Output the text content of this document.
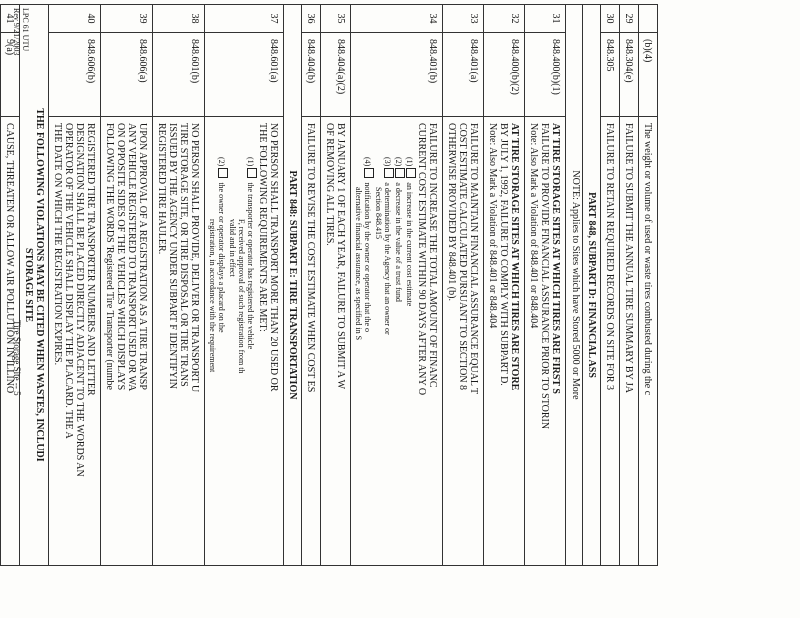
(b)(4)
The weight or volume of used or waste tires combusted during the c
29
848.304(e)
FAILURE TO SUBMIT THE ANNUAL TIRE SUMMARY BY JA
30
848.305
FAILURE TO RETAIN REQUIRED RECORDS ON SITE FOR 3
PART 848, SUBPART D: FINANCIAL ASS
NOTE: Applies to Sites which have Stored 5000 or More
31
848.400(b)(1)
AT TIRE STORAGE SITES AT WHICH TIRES ARE FIRST S
FAILURE TO PROVIDE FINANCIAL ASSURANCE PRIOR TO STORIN
Note: Also Mark a Violation of 848.401 or 848.404
32
848.400(b)(2)
AT TIRE STORAGE SITES AT WHICH TIRES ARE STORE
BY JULY 1, 1992, FAILURE TO COMPLY WITH SUBPART D.
Note: Also Mark a Violation of 848.401 or 848.404
33
848.401(a)
FAILURE TO MAINTAIN FINANCIAL ASSURANCE EQUAL T
COST ESTIMATE CALCULATED PURSUANT TO SECTION 8
OTHERWISE PROVIDED BY 848.401 (b).
34
848.401(b)
FAILURE TO INCREASE THE TOTAL AMOUNT OF FINANC
CURRENT COST ESTIMATE WITHIN 90 DAYS AFTER ANY O
(1) an increase in the current cost estimate
(2) a decrease in the value of a trust fund
(3) a determination by the Agency that an owner or
Section 848.415
(4) notification by the owner or operator that the o
alternative financial assurance, as specified in S
35
848.404(a)(2)
BY JANUARY 1 OF EACH YEAR, FAILURE TO SUBMIT A W
OF REMOVING ALL TIRES.
36
848.404(b)
FAILURE TO REVISE THE COST ESTIMATE WHEN COST ES
PART 848: SUBPART E: TIRE TRANSPORTATION
37
848.601(a)
NO PERSON SHALL TRANSPORT MORE THAN 20 USED OR
THE FOLLOWING REQUIREMENTS ARE MET:
(1) the transporter or operator has registered the vehicle
F, received approval of such registration from th
valid and in effect
(2) the owner or operator displays a placard on the
registration, in accordance with the requirement
38
848.601(b)
NO PERSON SHALL PROVIDE, DELIVER OR TRANSPORT U
TIRE STORAGE SITE, OR TIRE DISPOSAL OR TIRE TRANS
ISSUED BY THE AGENCY UNDER SUBPART F IDENTIFYIN
REGISTERED TIRE HAULER.
39
848.606(a)
UPON APPROVAL OF A REGISTRATION AS A TIRE TRANSP
ANY VEHICLE REGISTERED TO TRANSPORT USED OR WA
ON OPPOSITE SIDES OF THE VEHICLES WHICH DISPLAYS
FOLLOWING THE WORDS 'Registered Tire Transporter (numbe
40
848.606(b)
REGISTERED TIRE TRANSPORTER NUMBERS AND LETTER
DESIGNATION SHALL BE PLACED DIRECTLY ADJACENT TO THE WORDS AN
OPERATOR OF THE VEHICLE SHALL DISPLAY THE PLACARD. THE A
THE DATE ON WHICH THE REGISTRATION EXPIRES.
THE FOLLOWING VIOLATIONS MAY BE CITED WHEN WASTES, INCLUDI
STORAGE SITE
41
9(a)
CAUSE, THREATEN OR ALLOW AIR POLLUTION IN ILLINO
LPC 61 UTU
Rev 9/21/2003
Tire Storage Site -- 5
